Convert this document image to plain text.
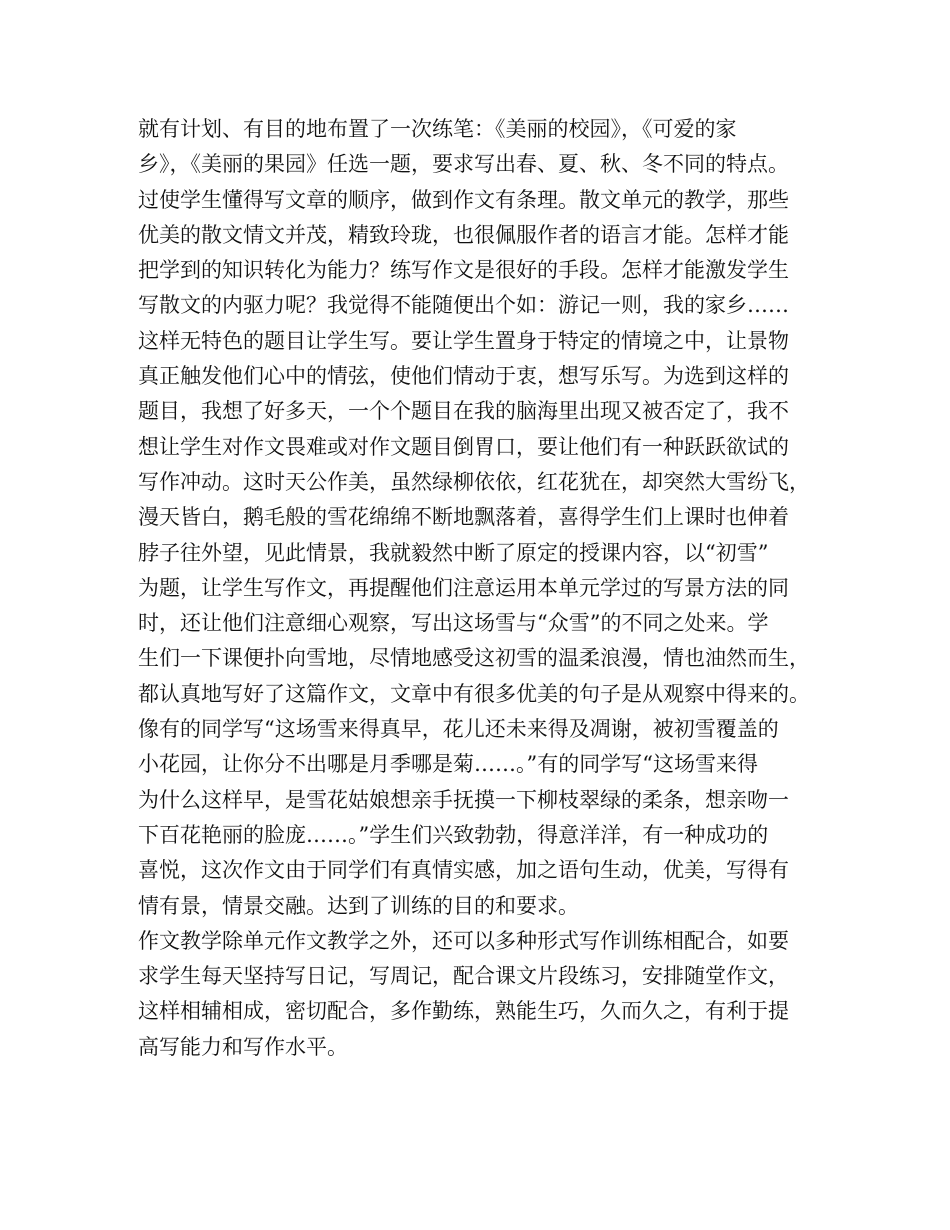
就有计划、有目的地布置了一次练笔：《美丽的校园》，《可爱的家
乡》，《美丽的果园》任选一题，要求写出春、夏、秋、冬不同的特点。
过使学生懂得写文章的顺序，做到作文有条理。散文单元的教学，那些
优美的散文情文并茂，精致玲珑，也很佩服作者的语言才能。怎样才能
把学到的知识转化为能力？练写作文是很好的手段。怎样才能激发学生
写散文的内驱力呢？我觉得不能随便出个如：游记一则，我的家乡……
这样无特色的题目让学生写。要让学生置身于特定的情境之中，让景物
真正触发他们心中的情弦，使他们情动于衷，想写乐写。为选到这样的
题目，我想了好多天，一个个题目在我的脑海里出现又被否定了，我不
想让学生对作文畏难或对作文题目倒胃口，要让他们有一种跃跃欲试的
写作冲动。这时天公作美，虽然绿柳依依，红花犹在，却突然大雪纷飞，
漫天皆白，鹅毛般的雪花绵绵不断地飘落着，喜得学生们上课时也伸着
脖子往外望，见此情景，我就毅然中断了原定的授课内容，以“初雪”
为题，让学生写作文，再提醒他们注意运用本单元学过的写景方法的同
时，还让他们注意细心观察，写出这场雪与“众雪”的不同之处来。学
生们一下课便扑向雪地，尽情地感受这初雪的温柔浪漫，情也油然而生，
都认真地写好了这篇作文，文章中有很多优美的句子是从观察中得来的。
像有的同学写“这场雪来得真早，花儿还未来得及凋谢，被初雪覆盖的
小花园，让你分不出哪是月季哪是菊……。”有的同学写“这场雪来得
为什么这样早，是雪花姑娘想亲手抚摸一下柳枝翠绿的柔条，想亲吻一
下百花艳丽的脸庞……。”学生们兴致勃勃，得意洋洋，有一种成功的
喜悦，这次作文由于同学们有真情实感，加之语句生动，优美，写得有
情有景，情景交融。达到了训练的目的和要求。
作文教学除单元作文教学之外，还可以多种形式写作训练相配合，如要
求学生每天坚持写日记，写周记，配合课文片段练习，安排随堂作文，
这样相辅相成，密切配合，多作勤练，熟能生巧，久而久之，有利于提
高写能力和写作水平。
